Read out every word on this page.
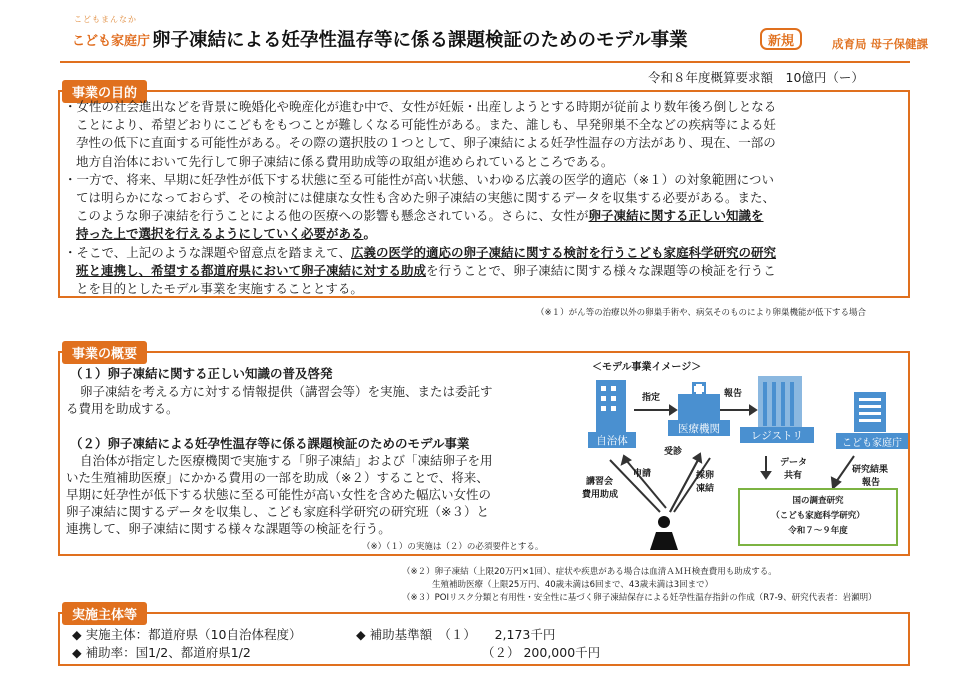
こどもまんなか
こども家庭庁 卵子凍結による妊孕性温存等に係る課題検証のためのモデル事業	新規	成育局 母子保健課
令和８年度概算要求額　10億円（ー）
事業の目的
・女性の社会進出などを背景に晩婚化や晩産化が進む中で、女性が妊娠・出産しようとする時期が従前より数年後ろ倒しとなる
ことにより、希望どおりにこどもをもつことが難しくなる可能性がある。また、誰しも、早発卵巣不全などの疾病等による妊
孕性の低下に直面する可能性がある。その際の選択肢の１つとして、卵子凍結による妊孕性温存の方法があり、現在、一部の
地方自治体において先行して卵子凍結に係る費用助成等の取組が進められているところである。
・一方で、将来、早期に妊孕性が低下する状態に至る可能性が高い状態、いわゆる広義の医学的適応（※１）の対象範囲につい
ては明らかになっておらず、その検討には健康な女性も含めた卵子凍結の実態に関するデータを収集する必要がある。また、
このような卵子凍結を行うことによる他の医療への影響も懸念されている。さらに、女性が卵子凍結に関する正しい知識を
持った上で選択を行えるようにしていく必要がある。
・そこで、上記のような課題や留意点を踏まえて、広義の医学的適応の卵子凍結に関する検討を行うこども家庭科学研究の研究
班と連携し、希望する都道府県において卵子凍結に対する助成を行うことで、卵子凍結に関する様々な課題等の検証を行うこ
とを目的としたモデル事業を実施することとする。
（※１）がん等の治療以外の卵巣手術や、病気そのものにより卵巣機能が低下する場合
事業の概要
（１）卵子凍結に関する正しい知識の普及啓発
卵子凍結を考える方に対する情報提供（講習会等）を実施、または委託す
る費用を助成する。
（２）卵子凍結による妊孕性温存等に係る課題検証のためのモデル事業
自治体が指定した医療機関で実施する「卵子凍結」および「凍結卵子を用
いた生殖補助医療」にかかる費用の一部を助成（※２）することで、将来、
早期に妊孕性が低下する状態に至る可能性が高い女性を含めた幅広い女性の
卵子凍結に関するデータを収集し、こども家庭科学研究の研究班（※３）と
連携して、卵子凍結に関する様々な課題等の検証を行う。
（※）（１）の実施は（２）の必須要件とする。
＜モデル事業イメージ＞
自治体
医療機関
レジストリ
こども家庭庁
指定	報告
受診
申請
講習会
費用助成
採卵
凍結
データ
共有
研究結果
報告
国の調査研究
（こども家庭科学研究）
令和７～９年度
（※２）卵子凍結（上限20万円×1回）、症状や疾患がある場合は血清ＡＭＨ検査費用も助成する。
生殖補助医療（上限25万円、40歳未満は6回まで、43歳未満は3回まで）
（※３）POIリスク分類と有用性・安全性に基づく卵子凍結保存による妊孕性温存指針の作成（R7-9、研究代表者：岩瀬明）
実施主体等
◆ 実施主体：都道府県（10自治体程度）
◆ 補助率：国1/2、都道府県1/2
◆ 補助基準額　（１）　　2,173千円
（２） 200,000千円
